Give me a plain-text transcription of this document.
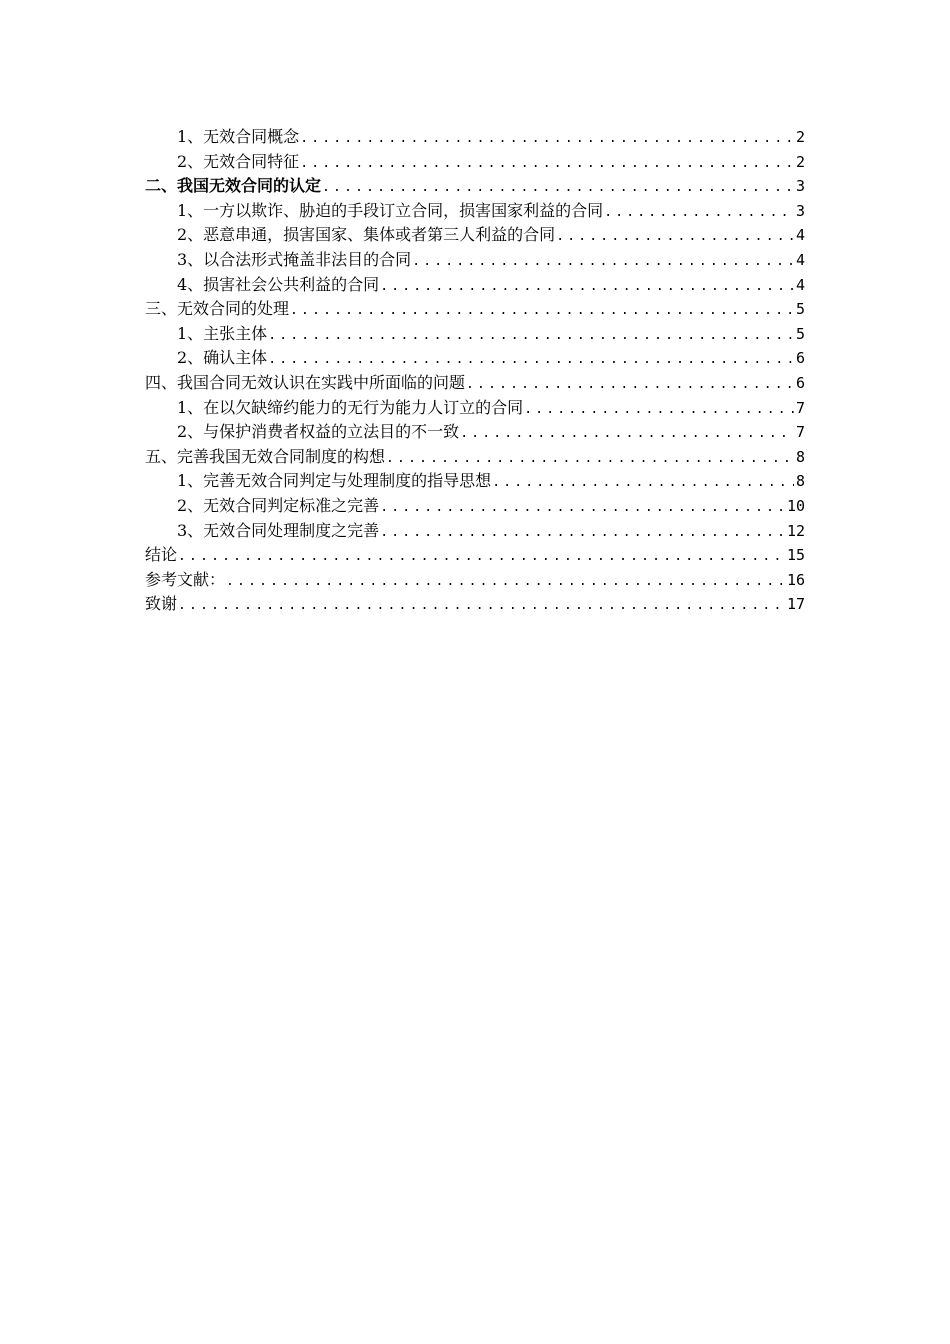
1、无效合同概念 .....	2
2、无效合同特征 .....	2
二、我国无效合同的认定 .....	3
1、一方以欺诈、胁迫的手段订立合同，损害国家利益的合同 .....	3
2、恶意串通，损害国家、集体或者第三人利益的合同 .....	4
3、以合法形式掩盖非法目的合同 .....	4
4、损害社会公共利益的合同 .....	4
三、无效合同的处理 .....	5
1、主张主体 .....	5
2、确认主体 .....	6
四、我国合同无效认识在实践中所面临的问题 .....	6
1、在以欠缺缔约能力的无行为能力人订立的合同 .....	7
2、与保护消费者权益的立法目的不一致 .....	7
五、完善我国无效合同制度的构想 .....	8
1、完善无效合同判定与处理制度的指导思想 .....	8
2、无效合同判定标准之完善 .....	10
3、无效合同处理制度之完善 .....	12
结论 .....	15
参考文献： .....	16
致谢 .....	17
